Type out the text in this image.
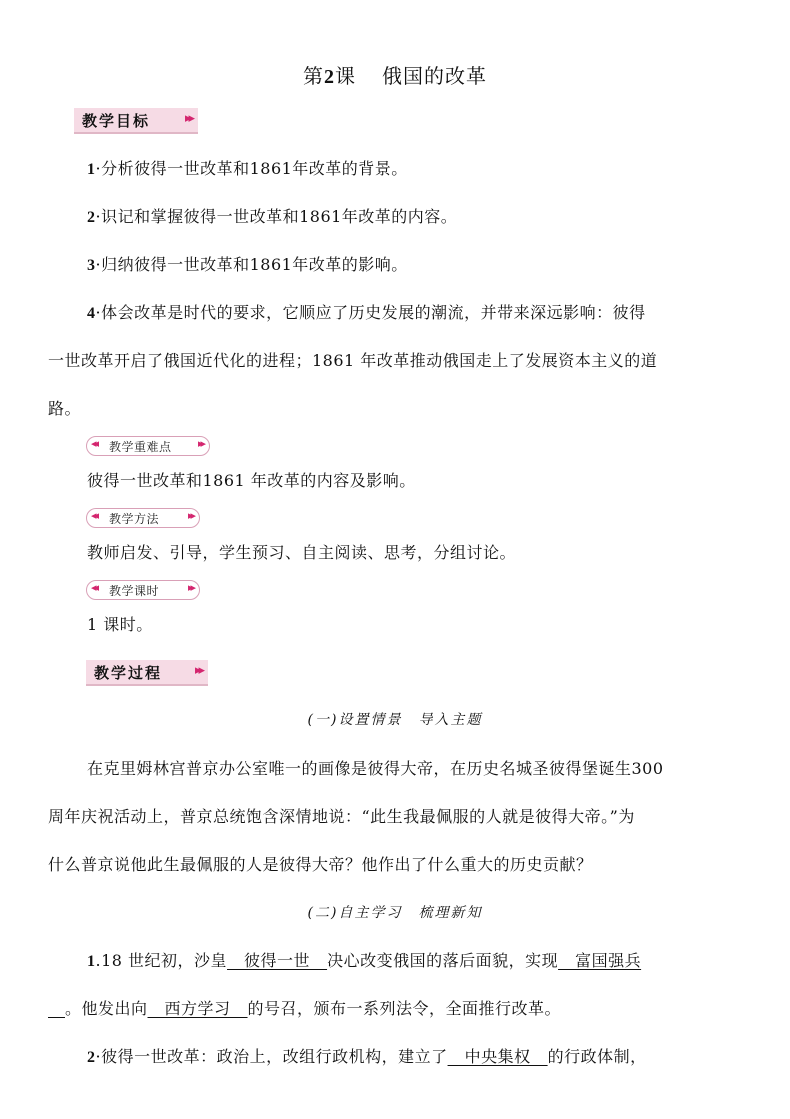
第2课 俄国的改革
教学目标	▸▸
1·分析彼得一世改革和1861年改革的背景。
2·识记和掌握彼得一世改革和1861年改革的内容。
3·归纳彼得一世改革和1861年改革的影响。
4·体会改革是时代的要求，它顺应了历史发展的潮流，并带来深远影响：彼得
一世改革开启了俄国近代化的进程；1861 年改革推动俄国走上了发展资本主义的道
路。
◂◂ 教学重难点 ▸▸
彼得一世改革和1861 年改革的内容及影响。
◂◂ 教学方法	▸▸
教师启发、引导，学生预习、自主阅读、思考，分组讨论。
◂◂ 教学课时	▸▸
1 课时。
教学过程	▸▸
(一)设置情景　导入主题
在克里姆林宫普京办公室唯一的画像是彼得大帝，在历史名城圣彼得堡诞生300
周年庆祝活动上，普京总统饱含深情地说：“此生我最佩服的人就是彼得大帝。”为
什么普京说他此生最佩服的人是彼得大帝？他作出了什么重大的历史贡献？
(二)自主学习　梳理新知
1.18 世纪初，沙皇__彼得一世__决心改变俄国的落后面貌，实现__富国强兵
__。他发出向__西方学习__的号召，颁布一系列法令，全面推行改革。
2·彼得一世改革：政治上，改组行政机构，建立了__中央集权__的行政体制，
